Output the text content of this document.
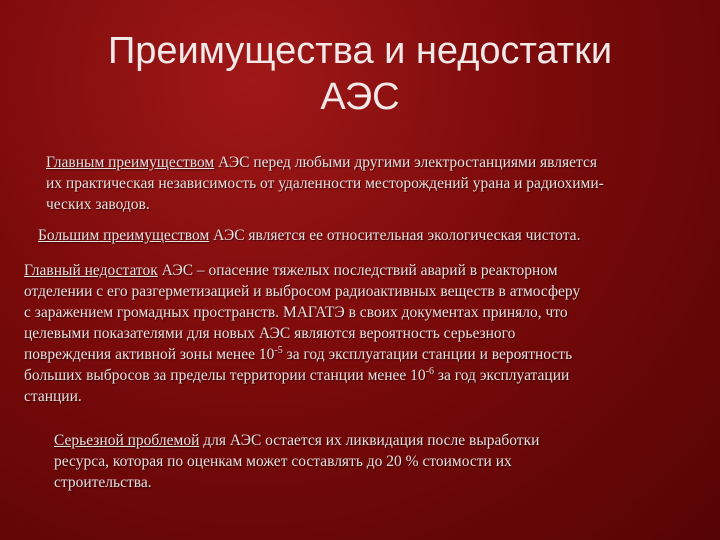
Преимущества и недостатки
АЭС
Главным преимуществом АЭС перед любыми другими электростанциями является
их практическая независимость от удаленности месторождений урана и радиохими-
ческих заводов.
Большим преимуществом АЭС является ее относительная экологическая чистота.
Главный недостаток АЭС – опасение тяжелых последствий аварий в реакторном
отделении с его разгерметизацией и выбросом радиоактивных веществ в атмосферу
с заражением громадных пространств. МАГАТЭ в своих документах приняло, что
целевыми показателями для новых АЭС являются вероятность серьезного
повреждения активной зоны менее $10^{-5}$ за год эксплуатации станции и вероятность
больших выбросов за пределы территории станции менее $10^{-6}$ за год эксплуатации
станции.
Серьезной проблемой для АЭС остается их ликвидация после выработки
ресурса, которая по оценкам может составлять до 20 % стоимости их
строительства.
